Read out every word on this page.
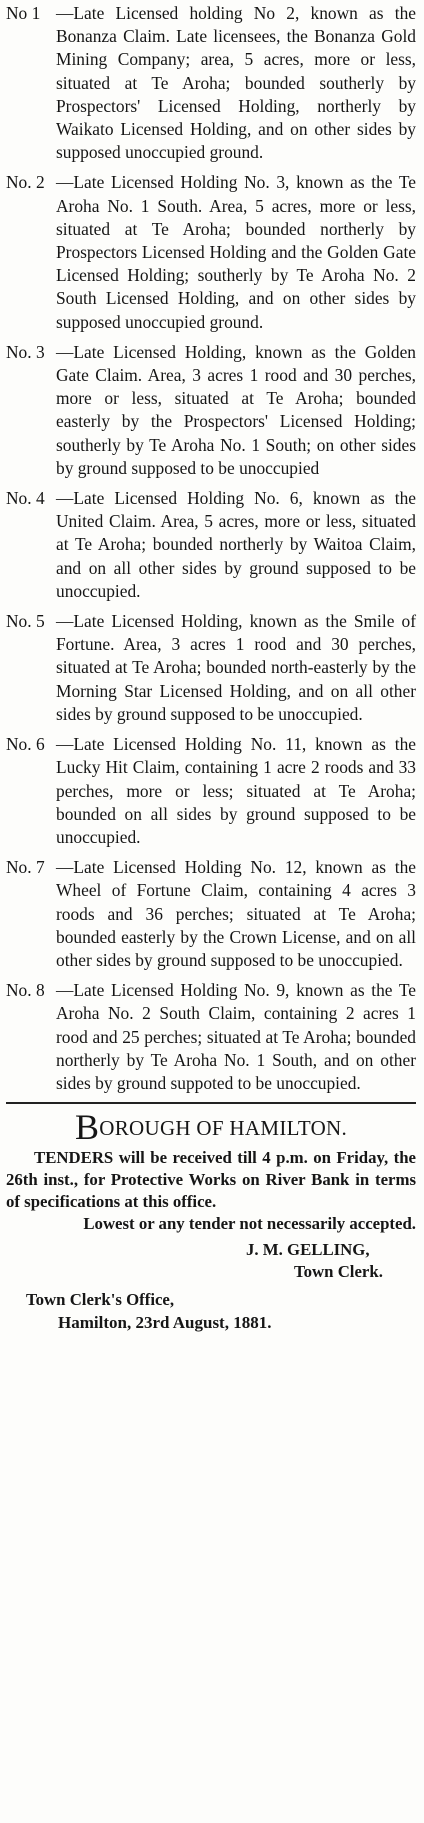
No 1 —Late Licensed holding No 2, known as the Bonanza Claim. Late licensees, the Bonanza Gold Mining Company; area, 5 acres, more or less, situated at Te Aroha; bounded southerly by Prospectors' Licensed Holding, northerly by Waikato Licensed Holding, and on other sides by supposed unoccupied ground.
No. 2 —Late Licensed Holding No. 3, known as the Te Aroha No. 1 South. Area, 5 acres, more or less, situated at Te Aroha; bounded northerly by Prospectors Licensed Holding and the Golden Gate Licensed Holding; southerly by Te Aroha No. 2 South Licensed Holding, and on other sides by supposed unoccupied ground.
No. 3 —Late Licensed Holding, known as the Golden Gate Claim. Area, 3 acres 1 rood and 30 perches, more or less, situated at Te Aroha; bounded easterly by the Prospectors' Licensed Holding; southerly by Te Aroha No. 1 South; on other sides by ground supposed to be unoccupied
No. 4 —Late Licensed Holding No. 6, known as the United Claim. Area, 5 acres, more or less, situated at Te Aroha; bounded northerly by Waitoa Claim, and on all other sides by ground supposed to be unoccupied.
No. 5 —Late Licensed Holding, known as the Smile of Fortune. Area, 3 acres 1 rood and 30 perches, situated at Te Aroha; bounded north-easterly by the Morning Star Licensed Holding, and on all other sides by ground supposed to be unoccupied.
No. 6 —Late Licensed Holding No. 11, known as the Lucky Hit Claim, containing 1 acre 2 roods and 33 perches, more or less; situated at Te Aroha; bounded on all sides by ground supposed to be unoccupied.
No. 7 —Late Licensed Holding No. 12, known as the Wheel of Fortune Claim, containing 4 acres 3 roods and 36 perches; situated at Te Aroha; bounded easterly by the Crown License, and on all other sides by ground supposed to be unoccupied.
No. 8 —Late Licensed Holding No. 9, known as the Te Aroha No. 2 South Claim, containing 2 acres 1 rood and 25 perches; situated at Te Aroha; bounded northerly by Te Aroha No. 1 South, and on other sides by ground suppoted to be unoccupied.
BOROUGH OF HAMILTON.

TENDERS will be received till 4 p.m. on Friday, the 26th inst., for Protective Works on River Bank in terms of specifications at this office.

Lowest or any tender not necessarily accepted.

J. M. GELLING,
Town Clerk.
Town Clerk's Office,
Hamilton, 23rd August, 1881.
